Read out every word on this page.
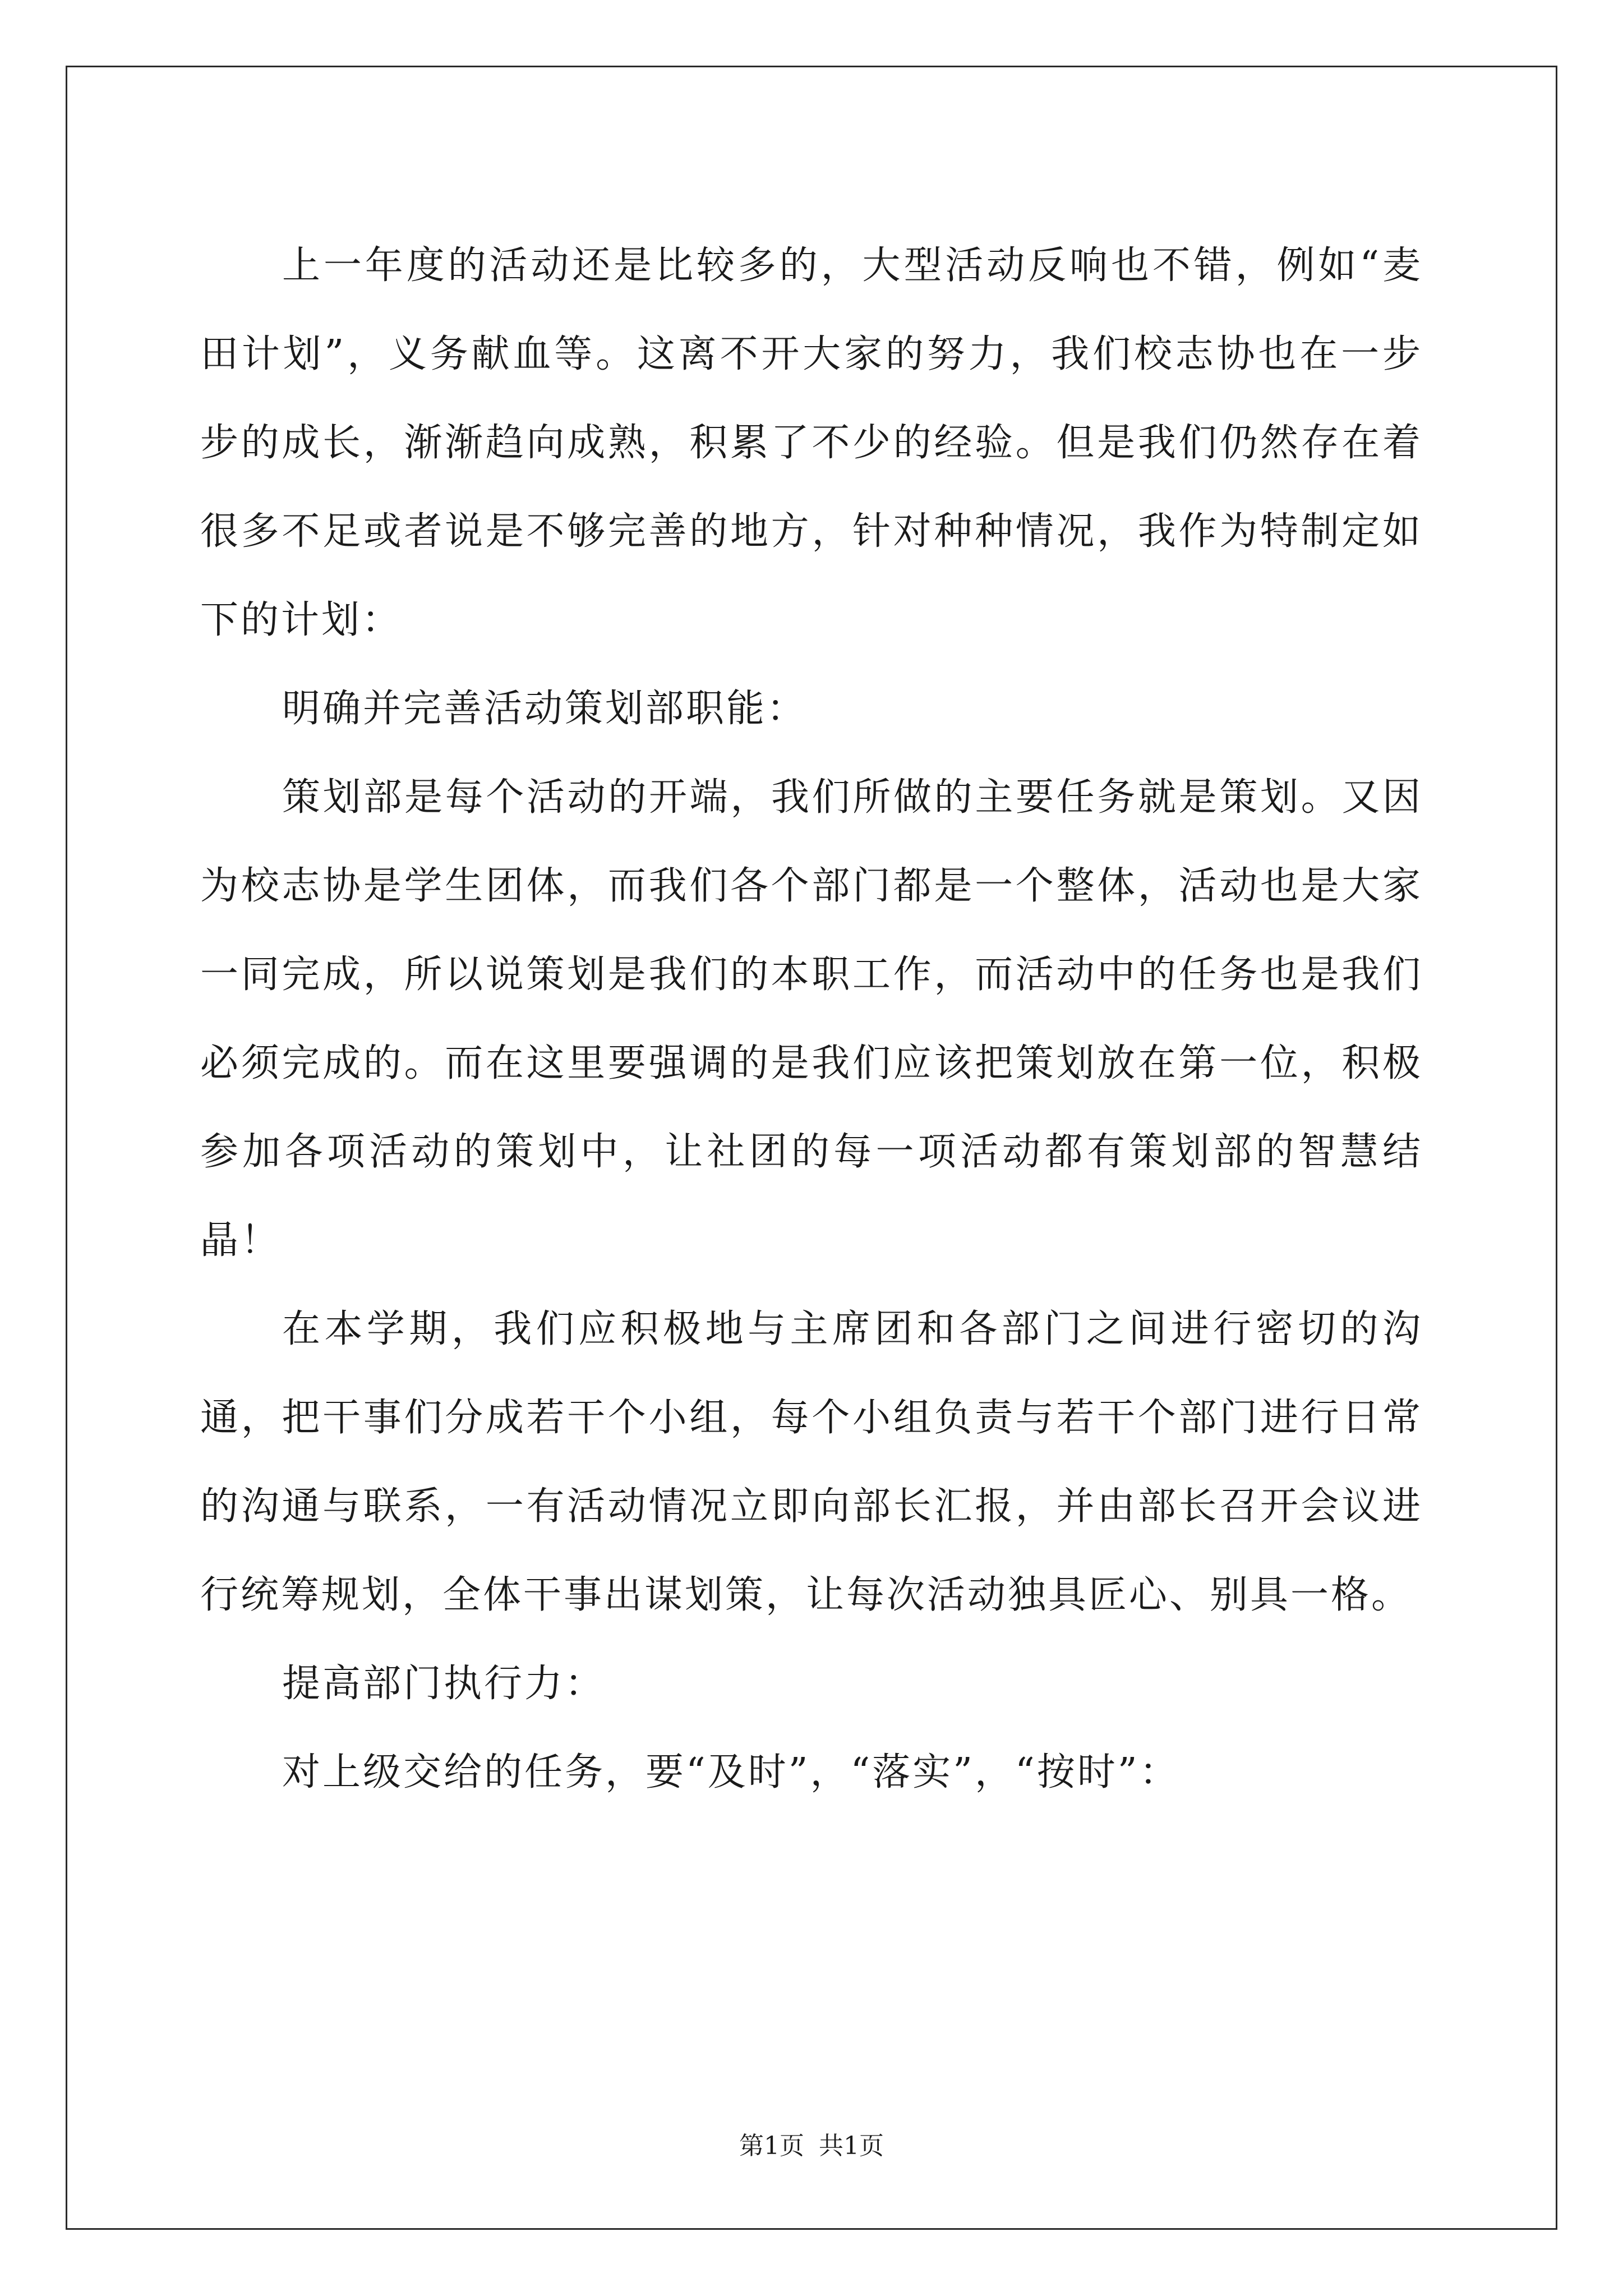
上一年度的活动还是比较多的，大型活动反响也不错，例如“麦田计划”，义务献血等。这离不开大家的努力，我们校志协也在一步步的成长，渐渐趋向成熟，积累了不少的经验。但是我们仍然存在着很多不足或者说是不够完善的地方，针对种种情况，我作为特制定如下的计划：

明确并完善活动策划部职能：

策划部是每个活动的开端，我们所做的主要任务就是策划。又因为校志协是学生团体，而我们各个部门都是一个整体，活动也是大家一同完成，所以说策划是我们的本职工作，而活动中的任务也是我们必须完成的。而在这里要强调的是我们应该把策划放在第一位，积极参加各项活动的策划中，让社团的每一项活动都有策划部的智慧结晶！

在本学期，我们应积极地与主席团和各部门之间进行密切的沟通，把干事们分成若干个小组，每个小组负责与若干个部门进行日常的沟通与联系，一有活动情况立即向部长汇报，并由部长召开会议进行统筹规划，全体干事出谋划策，让每次活动独具匠心、别具一格。

提高部门执行力：

对上级交给的任务，要“及时”，“落实”，“按时”：

第1页 共1页
